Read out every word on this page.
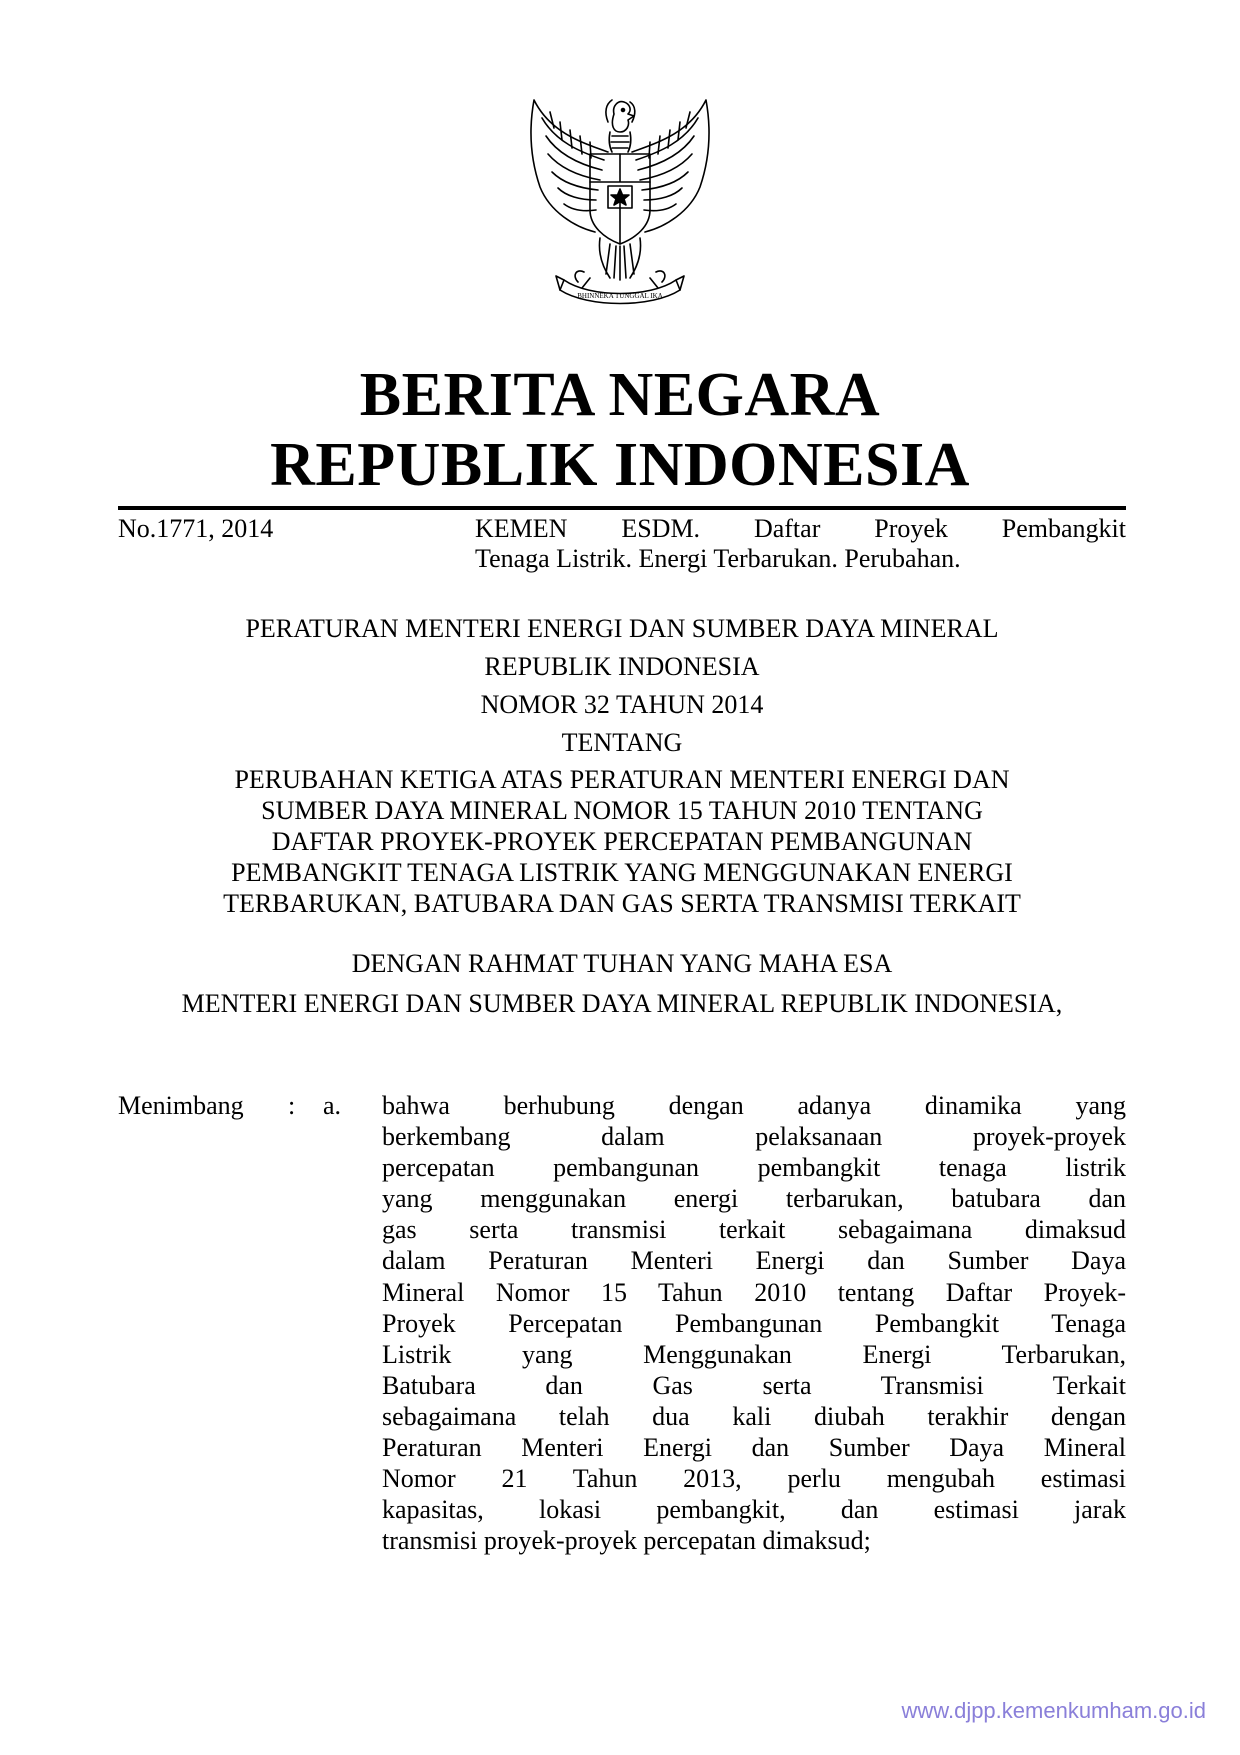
BHINNEKA TUNGGAL IKA
BERITA NEGARA
REPUBLIK INDONESIA
No.1771, 2014	KEMEN ESDM. Daftar Proyek Pembangkit
Tenaga Listrik. Energi Terbarukan. Perubahan.
PERATURAN MENTERI ENERGI DAN SUMBER DAYA MINERAL
REPUBLIK INDONESIA
NOMOR 32 TAHUN 2014
TENTANG
PERUBAHAN KETIGA ATAS PERATURAN MENTERI ENERGI DAN
SUMBER DAYA MINERAL NOMOR 15 TAHUN 2010 TENTANG
DAFTAR PROYEK-PROYEK PERCEPATAN PEMBANGUNAN
PEMBANGKIT TENAGA LISTRIK YANG MENGGUNAKAN ENERGI
TERBARUKAN, BATUBARA DAN GAS SERTA TRANSMISI TERKAIT
DENGAN RAHMAT TUHAN YANG MAHA ESA
MENTERI ENERGI DAN SUMBER DAYA MINERAL REPUBLIK INDONESIA,
Menimbang : a. bahwa berhubung dengan adanya dinamika yang
berkembang dalam pelaksanaan proyek-proyek
percepatan pembangunan pembangkit tenaga listrik
yang menggunakan energi terbarukan, batubara dan
gas serta transmisi terkait sebagaimana dimaksud
dalam Peraturan Menteri Energi dan Sumber Daya
Mineral Nomor 15 Tahun 2010 tentang Daftar Proyek-
Proyek Percepatan Pembangunan Pembangkit Tenaga
Listrik yang Menggunakan Energi Terbarukan,
Batubara dan Gas serta Transmisi Terkait
sebagaimana telah dua kali diubah terakhir dengan
Peraturan Menteri Energi dan Sumber Daya Mineral
Nomor 21 Tahun 2013, perlu mengubah estimasi
kapasitas, lokasi pembangkit, dan estimasi jarak
transmisi proyek-proyek percepatan dimaksud;
www.djpp.kemenkumham.go.id
